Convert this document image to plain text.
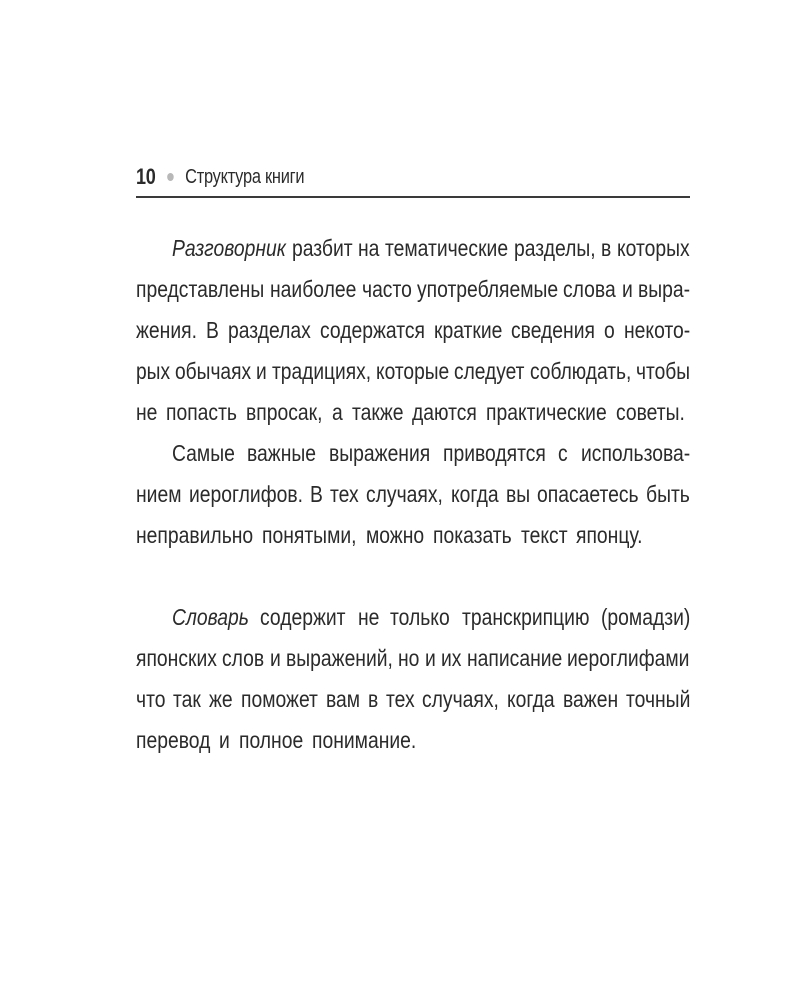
10 Структура книги
Разговорник разбит на тематические разделы, в которых
представлены наиболее часто употребляемые слова и выра-
жения. В разделах содержатся краткие сведения о некото-
рых обычаях и традициях, которые следует соблюдать, чтобы
не попасть впросак, а также даются практические советы.
Самые важные выражения приводятся с использова-
нием иероглифов. В тех случаях, когда вы опасаетесь быть
неправильно понятыми, можно показать текст японцу.
Словарь содержит не только транскрипцию (ромадзи)
японских слов и выражений, но и их написание иероглифами
что так же поможет вам в тех случаях, когда важен точный
перевод и полное понимание.
